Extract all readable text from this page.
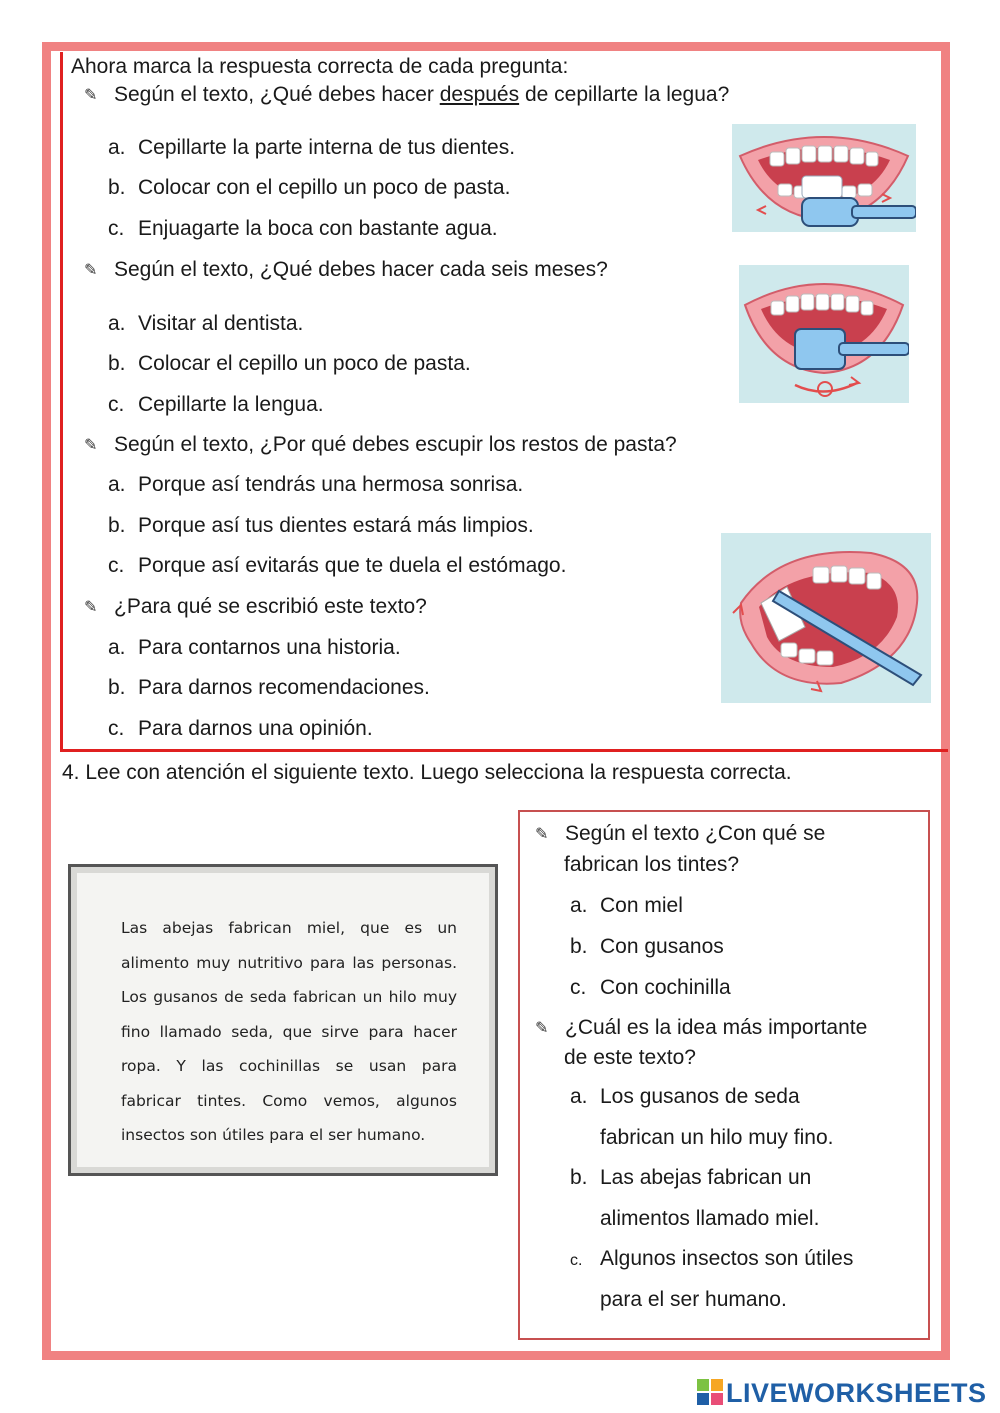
Ahora marca la respuesta correcta de cada pregunta:
✎ Según el texto, ¿Qué debes hacer después de cepillarte la legua?
a. Cepillarte la parte interna de tus dientes.
b. Colocar con el cepillo un poco de pasta.
c. Enjuagarte la boca con bastante agua.
✎ Según el texto, ¿Qué debes hacer cada seis meses?
a. Visitar al dentista.
b. Colocar el cepillo un poco de pasta.
c. Cepillarte la lengua.
✎ Según el texto, ¿Por qué debes escupir los restos de pasta?
a. Porque así tendrás una hermosa sonrisa.
b. Porque así tus dientes estará más limpios.
c. Porque así evitarás que te duela el estómago.
✎ ¿Para qué se escribió este texto?
a. Para contarnos una historia.
b. Para darnos recomendaciones.
c. Para darnos una opinión.
4. Lee con atención el siguiente texto. Luego selecciona la respuesta correcta.
Las abejas fabrican miel, que es un alimento muy nutritivo para las personas. Los gusanos de seda fabrican un hilo muy fino llamado seda, que sirve para hacer ropa. Y las cochinillas se usan para fabricar tintes. Como vemos, algunos insectos son útiles para el ser humano.
✎ Según el texto ¿Con qué se
fabrican los tintes?
a. Con miel
b. Con gusanos
c. Con cochinilla
✎ ¿Cuál es la idea más importante
de este texto?
a. Los gusanos de seda
fabrican un hilo muy fino.
b. Las abejas fabrican un
alimentos llamado miel.
c. Algunos insectos son útiles
para el ser humano.
LIVEWORKSHEETS
